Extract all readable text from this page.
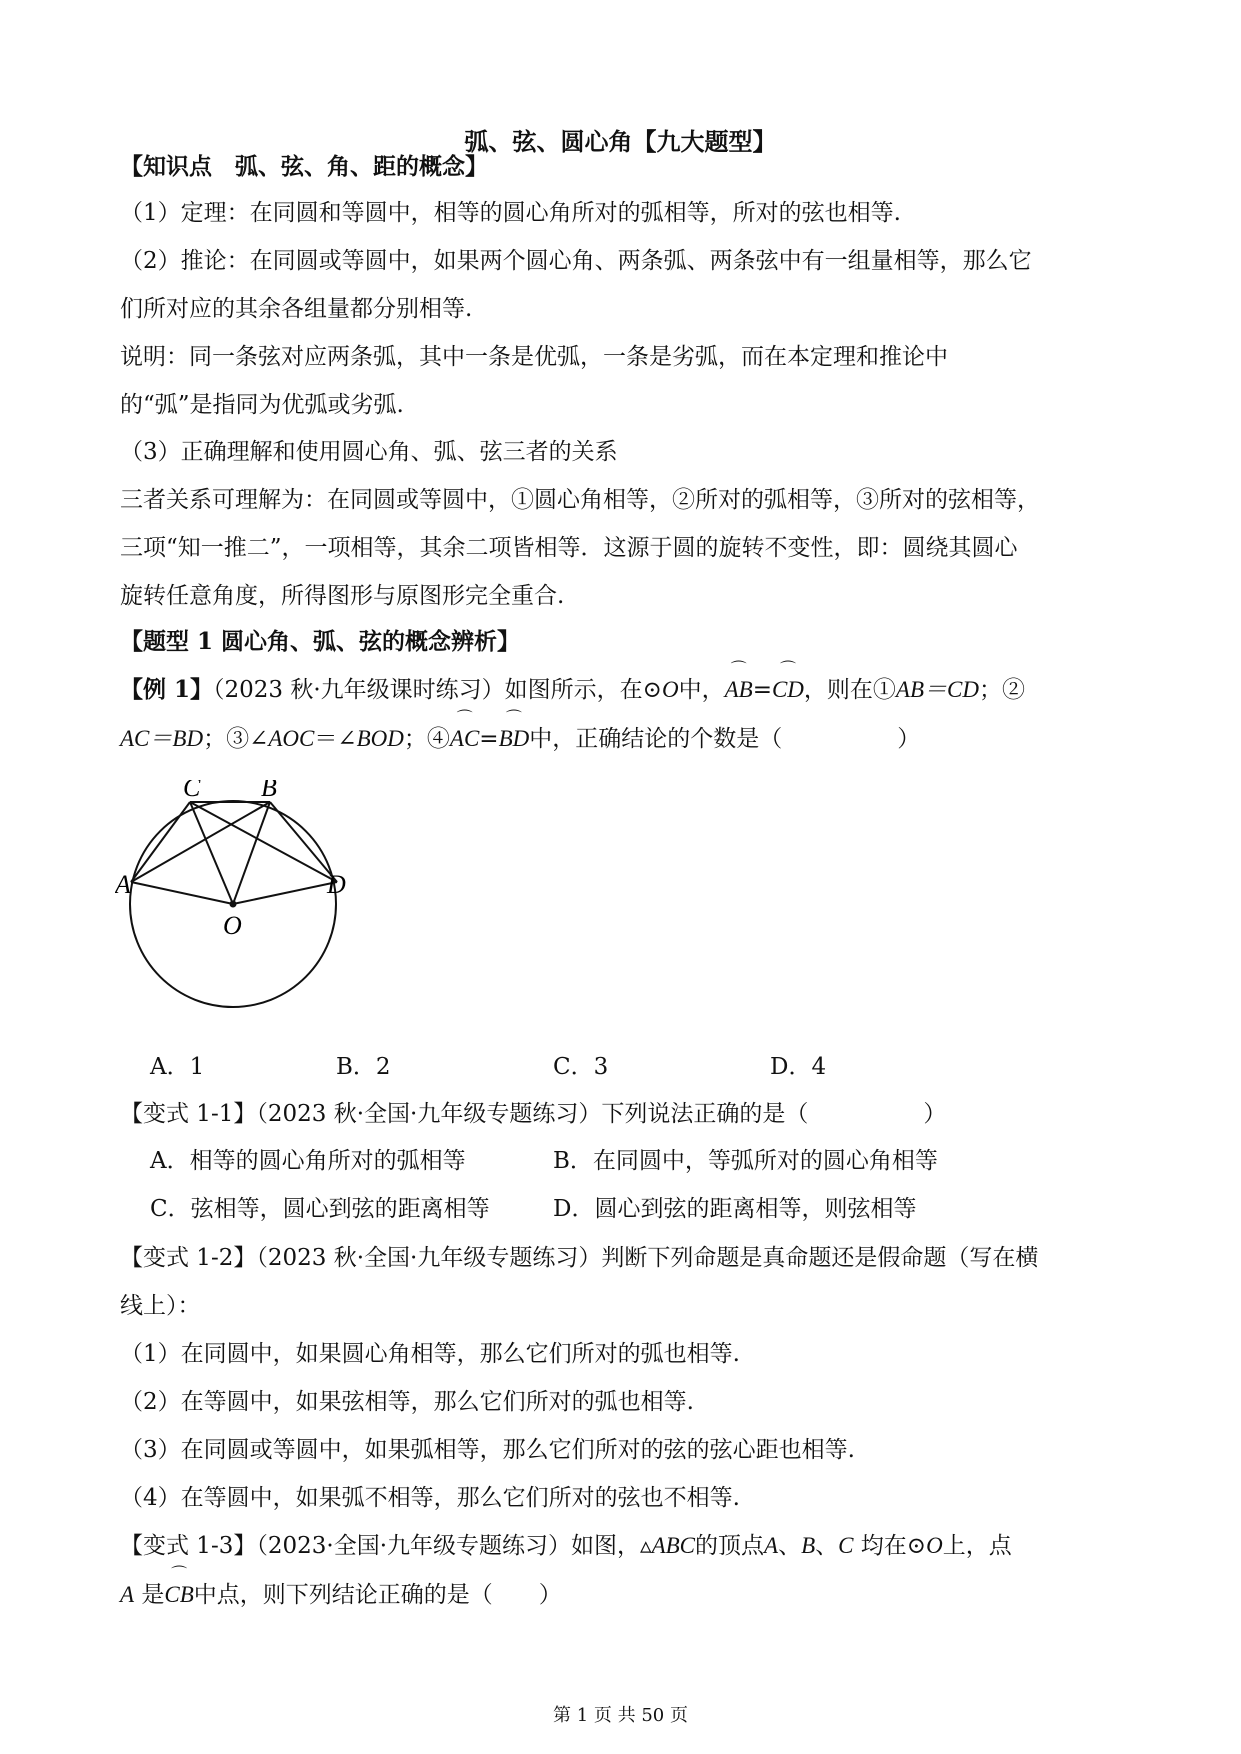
弧、弦、圆心角【九大题型】
【知识点　弧、弦、角、距的概念】
（1）定理：在同圆和等圆中，相等的圆心角所对的弧相等，所对的弦也相等.
（2）推论：在同圆或等圆中，如果两个圆心角、两条弧、两条弦中有一组量相等，那么它
们所对应的其余各组量都分别相等.
说明：同一条弦对应两条弧，其中一条是优弧，一条是劣弧，而在本定理和推论中
的“弧”是指同为优弧或劣弧.
（3）正确理解和使用圆心角、弧、弦三者的关系
三者关系可理解为：在同圆或等圆中，①圆心角相等，②所对的弧相等，③所对的弦相等，
三项“知一推二”，一项相等，其余二项皆相等．这源于圆的旋转不变性，即：圆绕其圆心
旋转任意角度，所得图形与原图形完全重合.
【题型 1 圆心角、弧、弦的概念辨析】
【例 1】（2023 秋·九年级课时练习）如图所示，在⊙O中，⌒ AB=⌒ CD，则在①AB＝CD；②
AC＝BD；③∠AOC＝∠BOD；④⌒ AC=⌒ BD中，正确结论的个数是（　　　　　）
C B
A	D
O
A．1	B．2	C．3	D．4
【变式 1-1】（2023 秋·全国·九年级专题练习）下列说法正确的是（　　　　　）
A．相等的圆心角所对的弧相等	B．在同圆中，等弧所对的圆心角相等
C．弦相等，圆心到弦的距离相等	D．圆心到弦的距离相等，则弦相等
【变式 1-2】（2023 秋·全国·九年级专题练习）判断下列命题是真命题还是假命题（写在横
线上）：
（1）在同圆中，如果圆心角相等，那么它们所对的弧也相等.
（2）在等圆中，如果弦相等，那么它们所对的弧也相等.
（3）在同圆或等圆中，如果弧相等，那么它们所对的弦的弦心距也相等.
（4）在等圆中，如果弧不相等，那么它们所对的弦也不相等.
【变式 1-3】（2023·全国·九年级专题练习）如图，▵ABC的顶点A、B、C 均在⊙O上，点
A 是⌒ CB中点，则下列结论正确的是（　　）
第 1 页 共 50 页
